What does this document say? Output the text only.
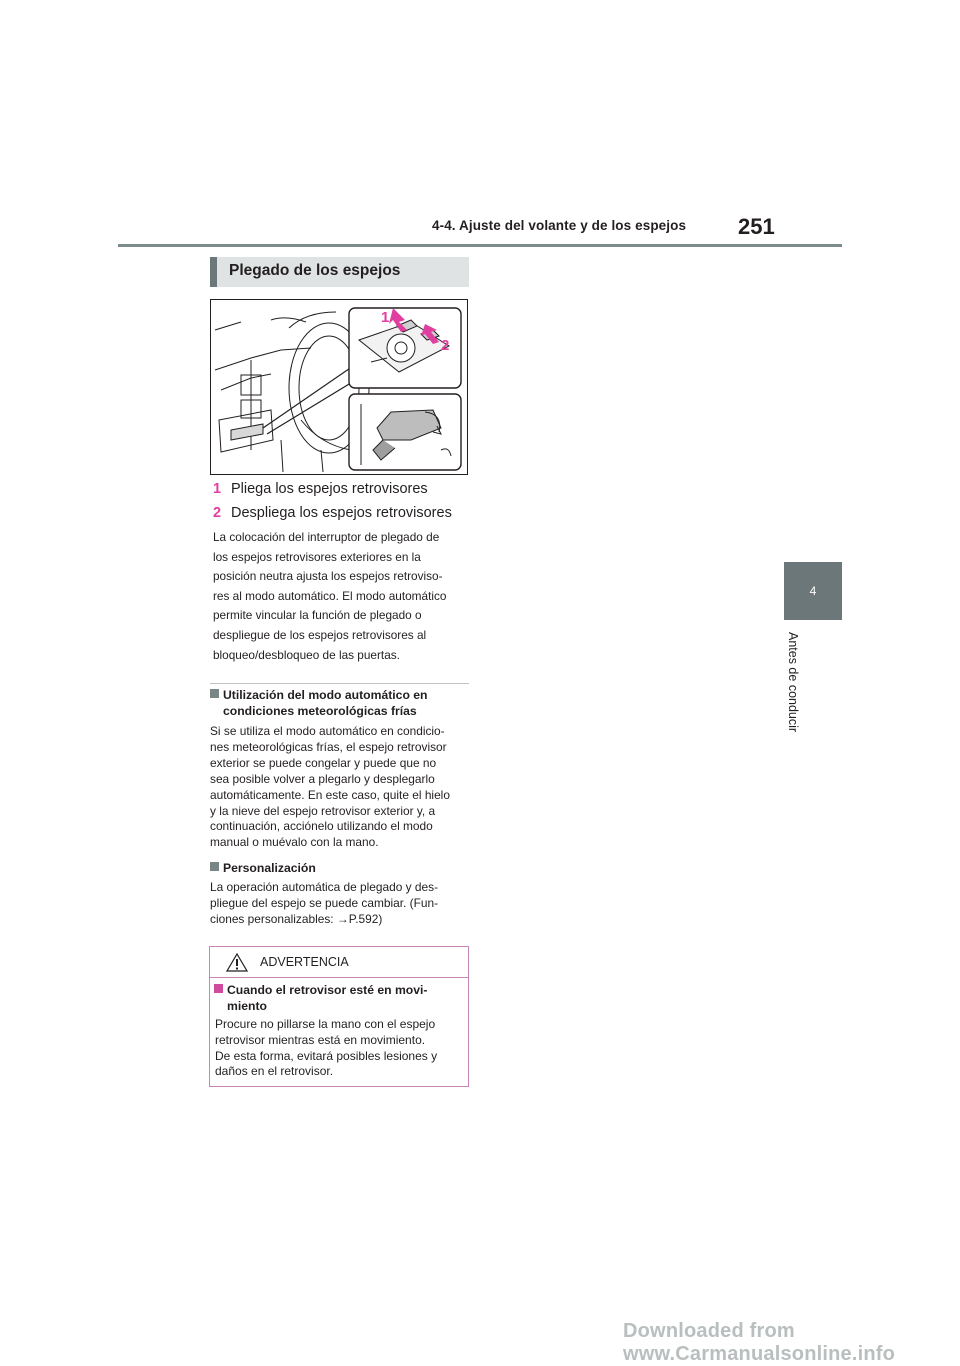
4-4. Ajuste del volante y de los espejos 251
4
Antes de conducir
Plegado de los espejos
1
2
1 Pliega los espejos retrovisores
2 Despliega los espejos retrovisores
La colocación del interruptor de plegado de
los espejos retrovisores exteriores en la
posición neutra ajusta los espejos retroviso-
res al modo automático. El modo automático
permite vincular la función de plegado o
despliegue de los espejos retrovisores al
bloqueo/desbloqueo de las puertas.
Utilización del modo automático en
condiciones meteorológicas frías
Si se utiliza el modo automático en condicio-
nes meteorológicas frías, el espejo retrovisor
exterior se puede congelar y puede que no
sea posible volver a plegarlo y desplegarlo
automáticamente. En este caso, quite el hielo
y la nieve del espejo retrovisor exterior y, a
continuación, acciónelo utilizando el modo
manual o muévalo con la mano.
Personalización
La operación automática de plegado y des-
pliegue del espejo se puede cambiar. (Fun-
ciones personalizables: →P.592)
ADVERTENCIA
Cuando el retrovisor esté en movi-
miento
Procure no pillarse la mano con el espejo
retrovisor mientras está en movimiento.
De esta forma, evitará posibles lesiones y
daños en el retrovisor.
Downloaded from www.Carmanualsonline.info
